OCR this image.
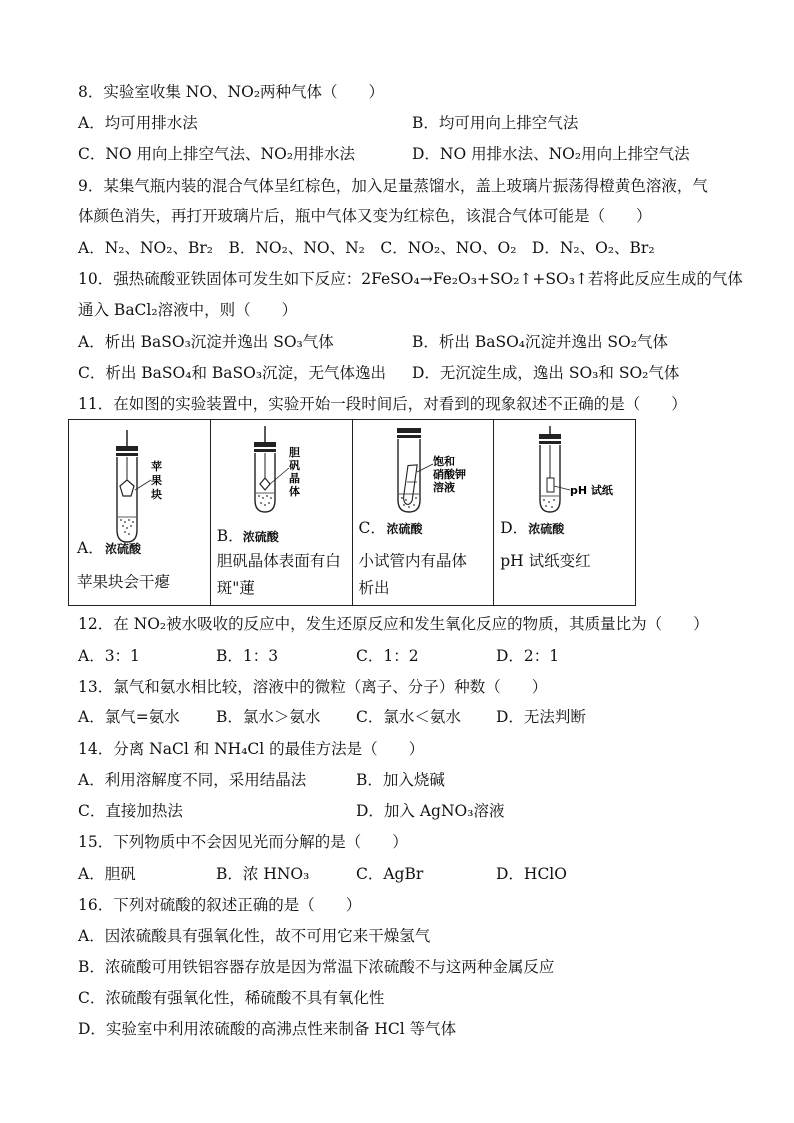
8．实验室收集 NO、NO₂两种气体（　　）
A．均可用排水法	B．均可用向上排空气法
C．NO 用向上排空气法、NO₂用排水法	D．NO 用排水法、NO₂用向上排空气法
9．某集气瓶内装的混合气体呈红棕色，加入足量蒸馏水，盖上玻璃片振荡得橙黄色溶液，气
体颜色消失，再打开玻璃片后，瓶中气体又变为红棕色，该混合气体可能是（　　）
A．N₂、NO₂、Br₂　B．NO₂、NO、N₂　C．NO₂、NO、O₂　D．N₂、O₂、Br₂
10．强热硫酸亚铁固体可发生如下反应：2FeSO₄→Fe₂O₃+SO₂↑+SO₃↑若将此反应生成的气体
通入 BaCl₂溶液中，则（　　）
A．析出 BaSO₃沉淀并逸出 SO₃气体	B．析出 BaSO₄沉淀并逸出 SO₂气体
C．析出 BaSO₄和 BaSO₃沉淀，无气体逸出 D．无沉淀生成，逸出 SO₃和 SO₂气体
11．在如图的实验装置中，实验开始一段时间后，对看到的现象叙述不正确的是（　　）
苹
果
块
A． 浓硫酸
苹果块会干瘪
胆
矾
晶
体
B． 浓硫酸
胆矾晶体表面有白
斑"蓮
饱和
硝酸钾
溶液
C． 浓硫酸
小试管内有晶体
析出
pH 试纸
D． 浓硫酸
pH 试纸变红
12．在 NO₂被水吸收的反应中，发生还原反应和发生氧化反应的物质，其质量比为（　　）
A．3：1	B．1：3	C．1：2	D．2：1
13．氯气和氨水相比较，溶液中的微粒（离子、分子）种数（　　）
A．氯气=氨水 B．氯水＞氨水 C．氯水＜氨水 D．无法判断
14．分离 NaCl 和 NH₄Cl 的最佳方法是（　　）
A．利用溶解度不同，采用结晶法	B．加入烧碱
C．直接加热法	D．加入 AgNO₃溶液
15．下列物质中不会因见光而分解的是（　　）
A．胆矾	B．浓 HNO₃	C．AgBr	D．HClO
16．下列对硫酸的叙述正确的是（　　）
A．因浓硫酸具有强氧化性，故不可用它来干燥氢气
B．浓硫酸可用铁铝容器存放是因为常温下浓硫酸不与这两种金属反应
C．浓硫酸有强氧化性，稀硫酸不具有氧化性
D．实验室中利用浓硫酸的高沸点性来制备 HCl 等气体
